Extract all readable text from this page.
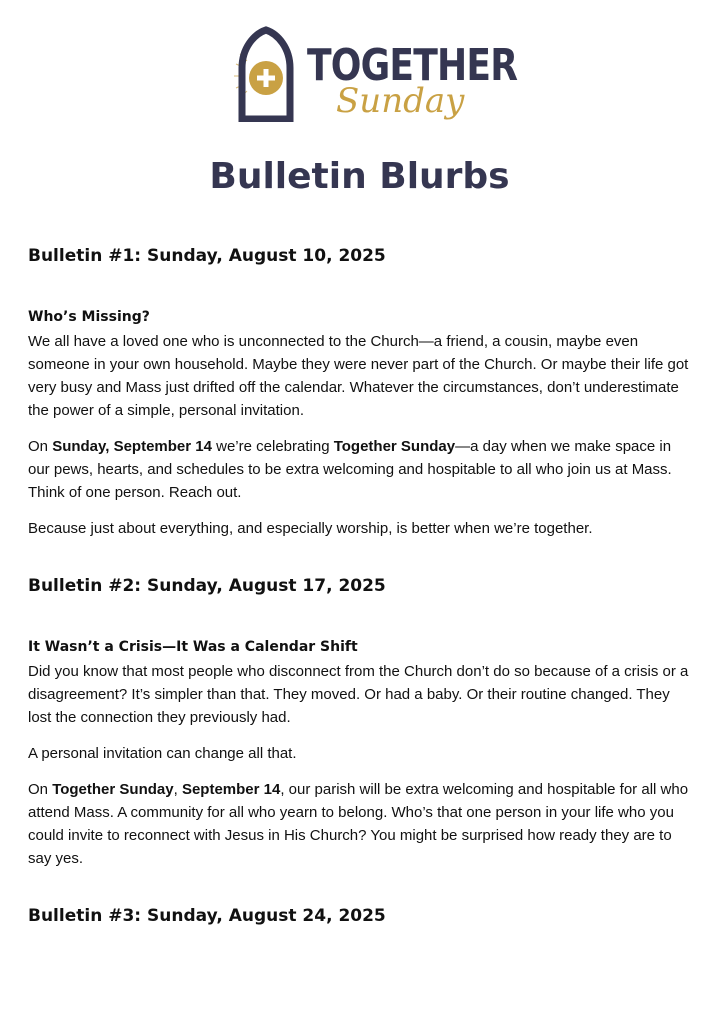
TOGETHER
Sunday
Bulletin Blurbs
Bulletin #1: Sunday, August 10, 2025
Who’s Missing?

We all have a loved one who is unconnected to the Church—a friend, a cousin, maybe even someone in your own household. Maybe they were never part of the Church. Or maybe their life got very busy and Mass just drifted off the calendar. Whatever the circumstances, don’t underestimate the power of a simple, personal invitation.

On Sunday, September 14 we’re celebrating Together Sunday—a day when we make space in our pews, hearts, and schedules to be extra welcoming and hospitable to all who join us at Mass. Think of one person. Reach out.

Because just about everything, and especially worship, is better when we’re together.

Bulletin #2: Sunday, August 17, 2025
It Wasn’t a Crisis—It Was a Calendar Shift

Did you know that most people who disconnect from the Church don’t do so because of a crisis or a disagreement? It’s simpler than that. They moved. Or had a baby. Or their routine changed. They lost the connection they previously had.

A personal invitation can change all that.

On Together Sunday, September 14, our parish will be extra welcoming and hospitable for all who attend Mass. A community for all who yearn to belong. Who’s that one person in your life who you could invite to reconnect with Jesus in His Church? You might be surprised how ready they are to say yes.

Bulletin #3: Sunday, August 24, 2025
